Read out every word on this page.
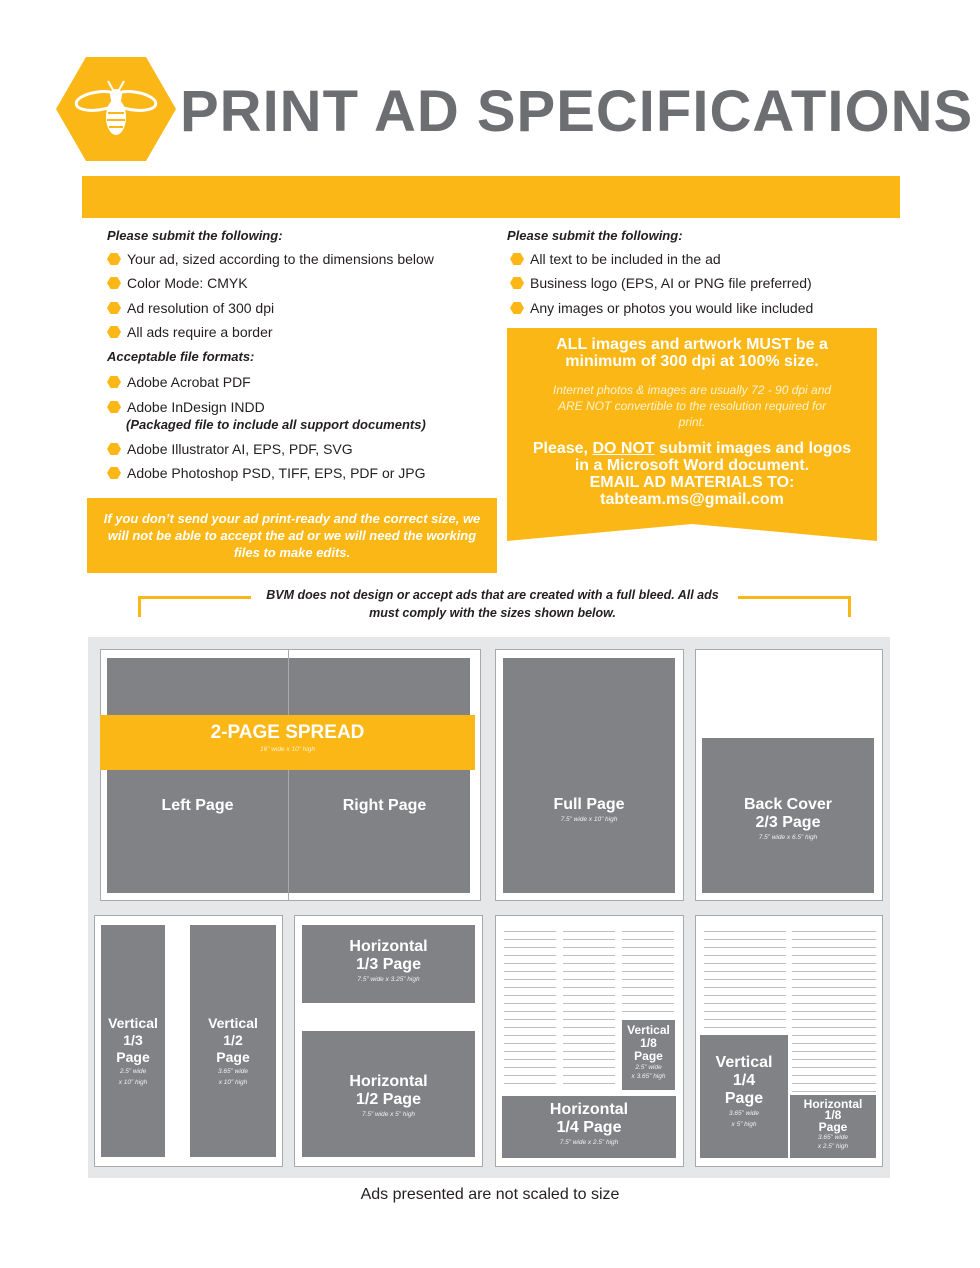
PRINT AD SPECIFICATIONS
Please submit the following:
Your ad, sized according to the dimensions below
Color Mode: CMYK
Ad resolution of 300 dpi
All ads require a border
Acceptable file formats:
Adobe Acrobat PDF
Adobe InDesign INDD
(Packaged file to include all support documents)
Adobe Illustrator AI, EPS, PDF, SVG
Adobe Photoshop PSD, TIFF, EPS, PDF or JPG
If you don’t send your ad print-ready and the correct size, we will not be able to accept the ad or we will need the working files to make edits.
Please submit the following:
All text to be included in the ad
Business logo (EPS, AI or PNG file preferred)
Any images or photos you would like included
ALL images and artwork MUST be a minimum of 300 dpi at 100% size.
Internet photos & images are usually 72 - 90 dpi and ARE NOT convertible to the resolution required for print.
Please, DO NOT submit images and logos in a Microsoft Word document.
EMAIL AD MATERIALS TO:
tabteam.ms@gmail.com
BVM does not design or accept ads that are created with a full bleed. All ads must comply with the sizes shown below.
2-PAGE SPREAD
16” wide x 10” high
Left Page	Right Page	Full Page
7.5” wide x 10” high
Back Cover
2/3 Page
7.5” wide x 6.5” high
Vertical
1/3
Page
2.5” wide
x 10” high
Vertical
1/2
Page
3.65” wide
x 10” high
Horizontal
1/3 Page
7.5” wide x 3.25” high
Horizontal
1/2 Page
7.5” wide x 5” high
Vertical
1/8
Page
2.5” wide
x 3.65” high
Horizontal
1/4 Page
7.5” wide x 2.5” high
Vertical
1/4
Page
3.65” wide
x 5” high
Horizontal
1/8
Page
3.65” wide
x 2.5” high
Ads presented are not scaled to size
